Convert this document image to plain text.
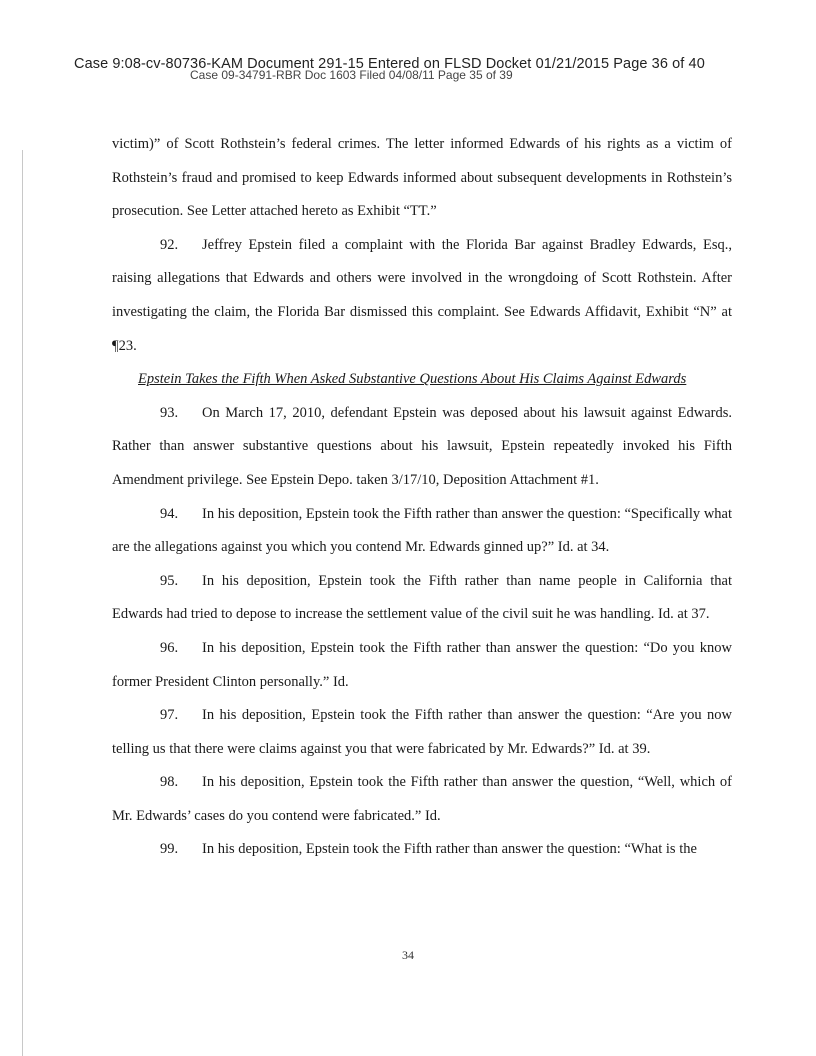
Case 9:08-cv-80736-KAM Document 291-15 Entered on FLSD Docket 01/21/2015 Page 36 of 40
Case 09-34791-RBR Doc 1603 Filed 04/08/11 Page 35 of 39

victim)” of Scott Rothstein’s federal crimes. The letter informed Edwards of his rights as a victim of Rothstein’s fraud and promised to keep Edwards informed about subsequent developments in Rothstein’s prosecution. See Letter attached hereto as Exhibit “TT.”

92. Jeffrey Epstein filed a complaint with the Florida Bar against Bradley Edwards, Esq., raising allegations that Edwards and others were involved in the wrongdoing of Scott Rothstein. After investigating the claim, the Florida Bar dismissed this complaint. See Edwards Affidavit, Exhibit “N” at ¶23.

Epstein Takes the Fifth When Asked Substantive Questions About His Claims Against Edwards

93. On March 17, 2010, defendant Epstein was deposed about his lawsuit against Edwards. Rather than answer substantive questions about his lawsuit, Epstein repeatedly invoked his Fifth Amendment privilege. See Epstein Depo. taken 3/17/10, Deposition Attachment #1.

94. In his deposition, Epstein took the Fifth rather than answer the question: “Specifically what are the allegations against you which you contend Mr. Edwards ginned up?” Id. at 34.

95. In his deposition, Epstein took the Fifth rather than name people in California that Edwards had tried to depose to increase the settlement value of the civil suit he was handling. Id. at 37.

96. In his deposition, Epstein took the Fifth rather than answer the question: “Do you know former President Clinton personally.” Id.

97. In his deposition, Epstein took the Fifth rather than answer the question: “Are you now telling us that there were claims against you that were fabricated by Mr. Edwards?” Id. at 39.

98. In his deposition, Epstein took the Fifth rather than answer the question, “Well, which of Mr. Edwards’ cases do you contend were fabricated.” Id.

99. In his deposition, Epstein took the Fifth rather than answer the question: “What is the

34
